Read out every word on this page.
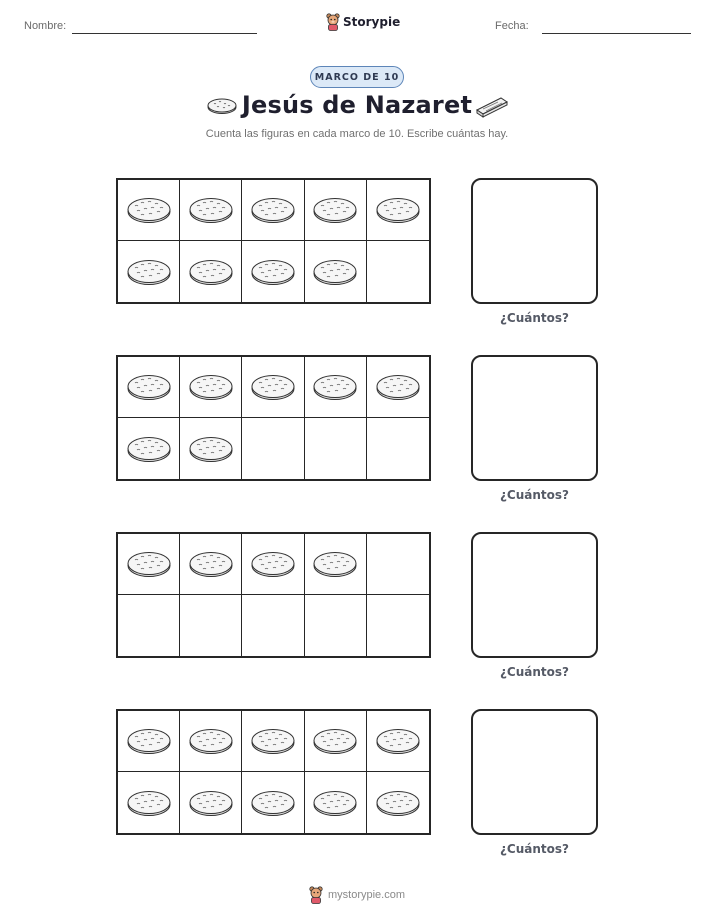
Nombre:	Storypie	Fecha:
MARCO DE 10
Jesús de Nazaret
Cuenta las figuras en cada marco de 10. Escribe cuántas hay.
¿Cuántos?
¿Cuántos?
¿Cuántos?
¿Cuántos?
mystorypie.com
